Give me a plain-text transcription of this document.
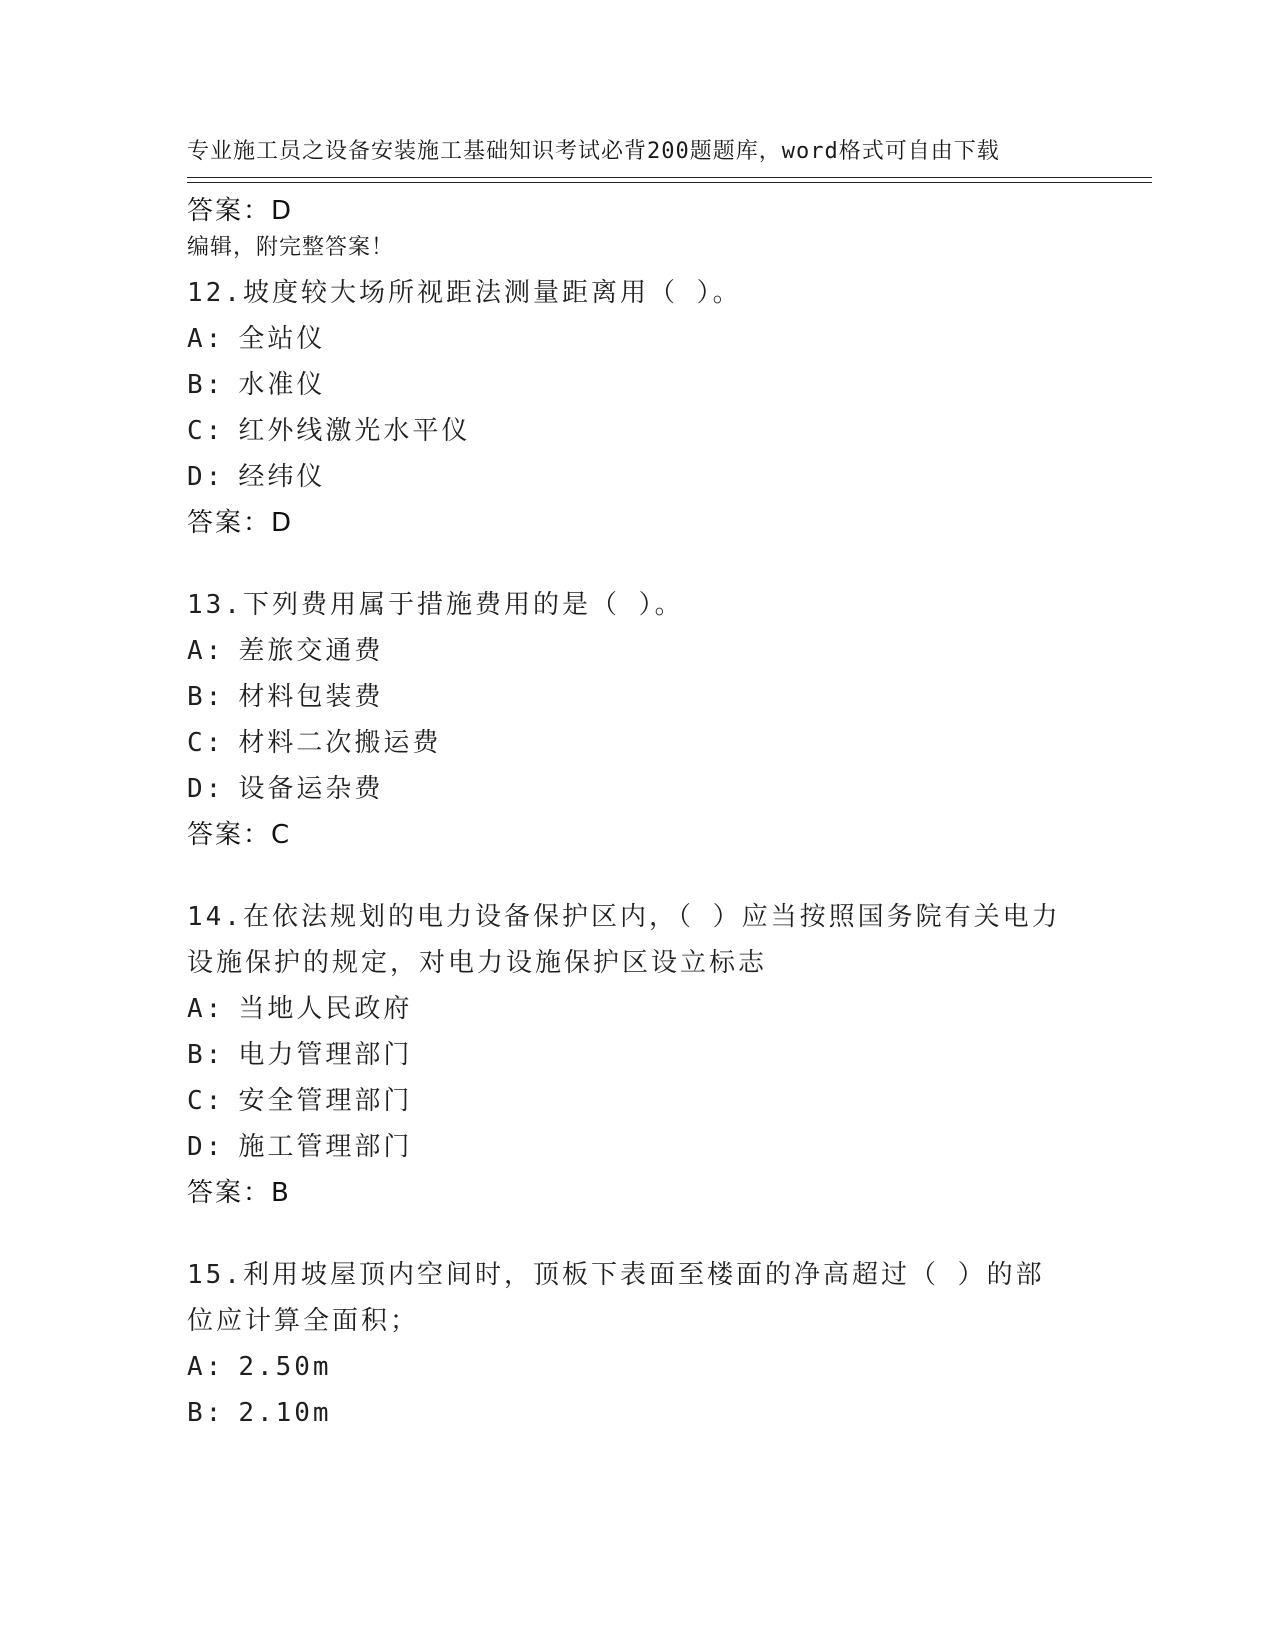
专业施工员之设备安装施工基础知识考试必背200题题库，word格式可自由下载

编辑，附完整答案！

答案：D
12.坡度较大场所视距法测量距离用（ ）。
A: 全站仪
B: 水准仪
C: 红外线激光水平仪
D: 经纬仪
答案：D
13.下列费用属于措施费用的是（ ）。
A: 差旅交通费
B: 材料包装费
C: 材料二次搬运费
D: 设备运杂费
答案：C
14.在依法规划的电力设备保护区内，（ ）应当按照国务院有关电力设施保护的规定，对电力设施保护区设立标志
A: 当地人民政府
B: 电力管理部门
C: 安全管理部门
D: 施工管理部门
答案：B
15.利用坡屋顶内空间时，顶板下表面至楼面的净高超过（ ）的部位应计算全面积；
A: 2.50m
B: 2.10m
